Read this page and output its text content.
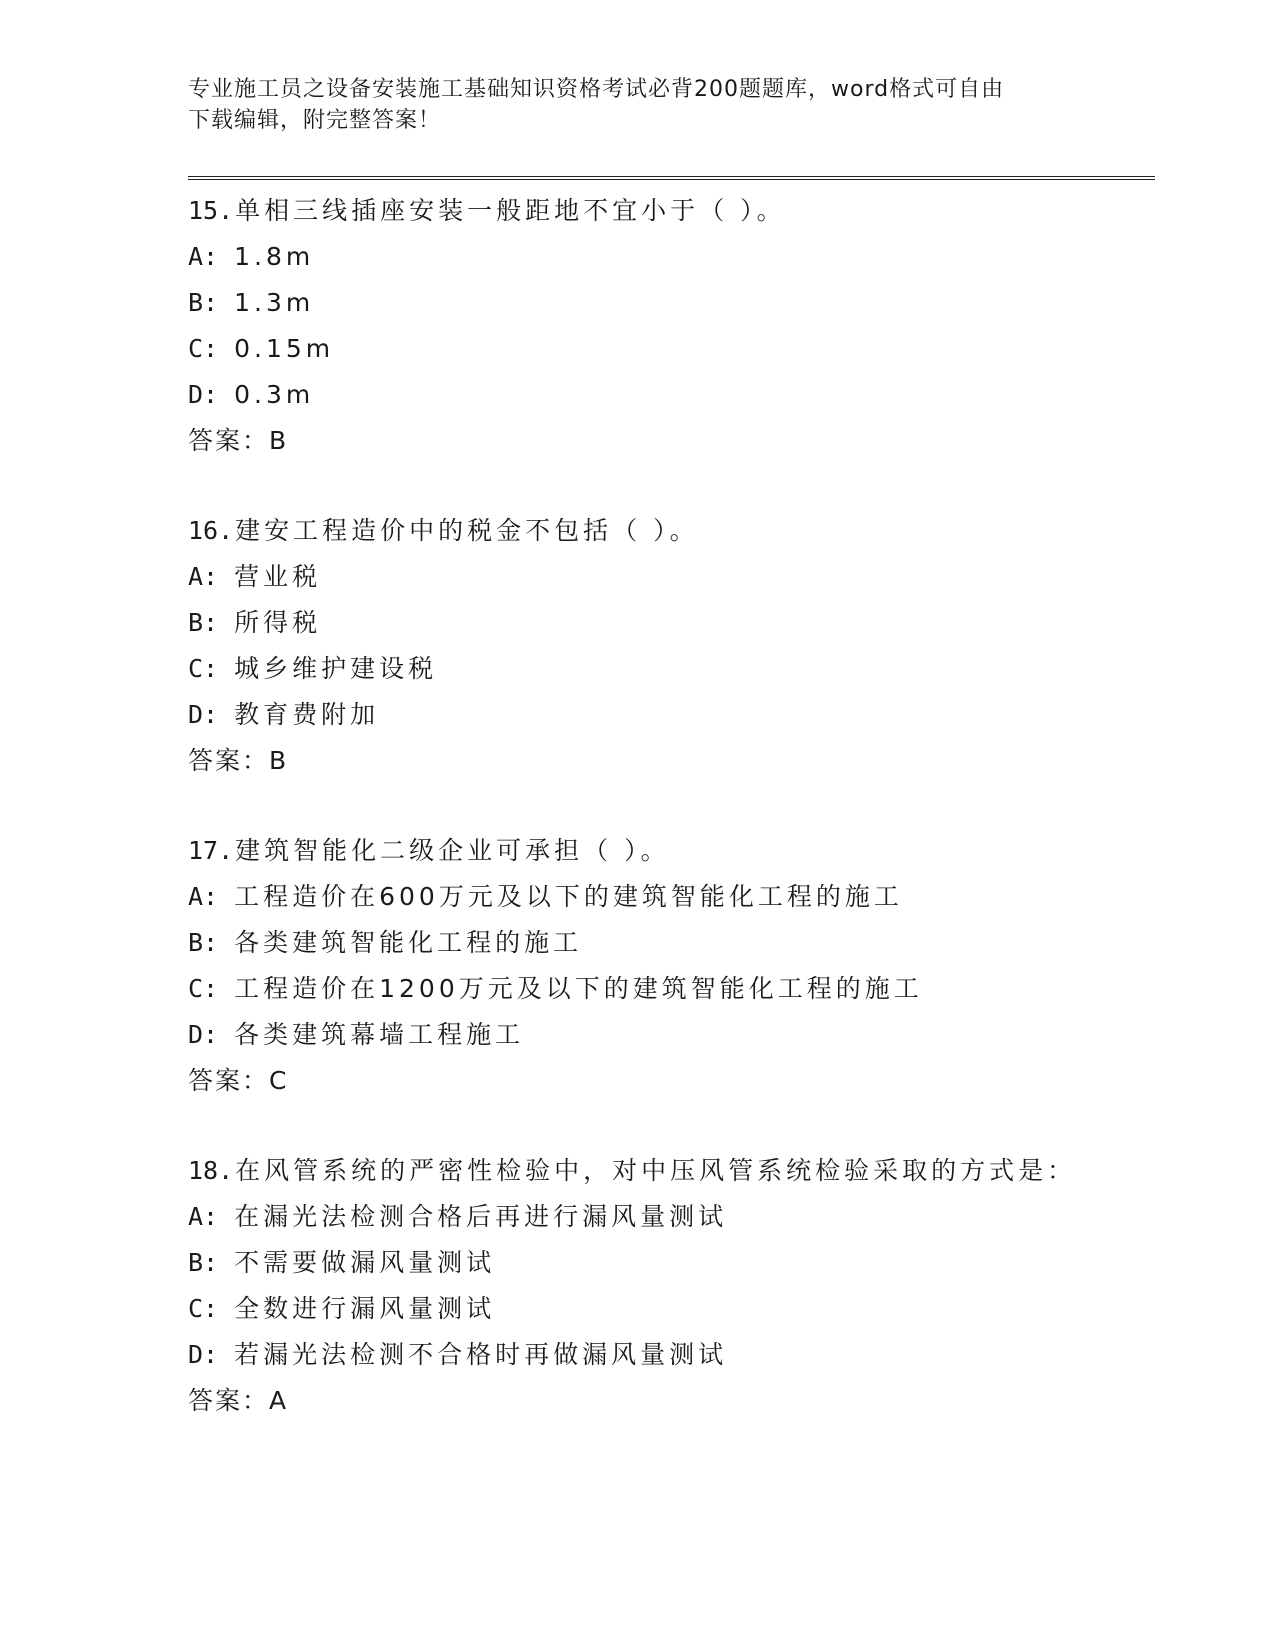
专业施工员之设备安装施工基础知识资格考试必背200题题库，word格式可自由
下载编辑，附完整答案！
15.单相三线插座安装一般距地不宜小于（ ）。
A: 1.8m
B: 1.3m
C: 0.15m
D: 0.3m
答案：B
16.建安工程造价中的税金不包括（ ）。
A: 营业税
B: 所得税
C: 城乡维护建设税
D: 教育费附加
答案：B
17.建筑智能化二级企业可承担（ ）。
A: 工程造价在600万元及以下的建筑智能化工程的施工
B: 各类建筑智能化工程的施工
C: 工程造价在1200万元及以下的建筑智能化工程的施工
D: 各类建筑幕墙工程施工
答案：C
18.在风管系统的严密性检验中，对中压风管系统检验采取的方式是：
A: 在漏光法检测合格后再进行漏风量测试
B: 不需要做漏风量测试
C: 全数进行漏风量测试
D: 若漏光法检测不合格时再做漏风量测试
答案：A
